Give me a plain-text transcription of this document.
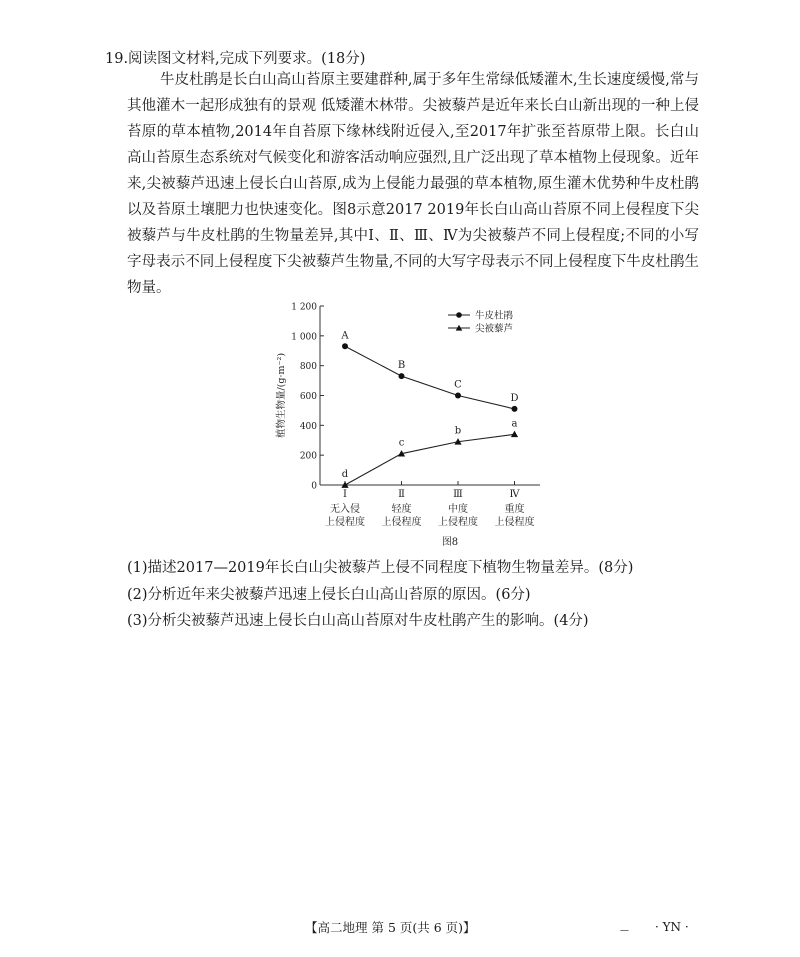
19.阅读图文材料,完成下列要求。(18分)

牛皮杜鹃是长白山高山苔原主要建群种,属于多年生常绿低矮灌木,生长速度缓慢,常与其他灌木一起形成独有的景观 低矮灌木林带。尖被藜芦是近年来长白山新出现的一种上侵苔原的草本植物,2014年自苔原下缘林线附近侵入,至2017年扩张至苔原带上限。长白山高山苔原生态系统对气候变化和游客活动响应强烈,且广泛出现了草本植物上侵现象。近年来,尖被藜芦迅速上侵长白山苔原,成为上侵能力最强的草本植物,原生灌木优势种牛皮杜鹃以及苔原土壤肥力也快速变化。图8示意2017 2019年长白山高山苔原不同上侵程度下尖被藜芦与牛皮杜鹃的生物量差异,其中Ⅰ、Ⅱ、Ⅲ、Ⅳ为尖被藜芦不同上侵程度;不同的小写字母表示不同上侵程度下尖被藜芦生物量,不同的大写字母表示不同上侵程度下牛皮杜鹃生物量。

0
200
400
600
800
1 000
1 200
植物生物量/(g·m⁻²)
Ⅰ
无入侵
上侵程度
Ⅱ
轻度
上侵程度
Ⅲ
中度
上侵程度
Ⅳ
重度
上侵程度
图8
A
B
C
D
d
c
b
a
牛皮杜鹃
尖被藜芦
(1)描述2017—2019年长白山尖被藜芦上侵不同程度下植物生物量差异。(8分)
(2)分析近年来尖被藜芦迅速上侵长白山高山苔原的原因。(6分)
(3)分析尖被藜芦迅速上侵长白山高山苔原对牛皮杜鹃产生的影响。(4分)
【高二地理 第 5 页(共 6 页)】	— · YN ·
